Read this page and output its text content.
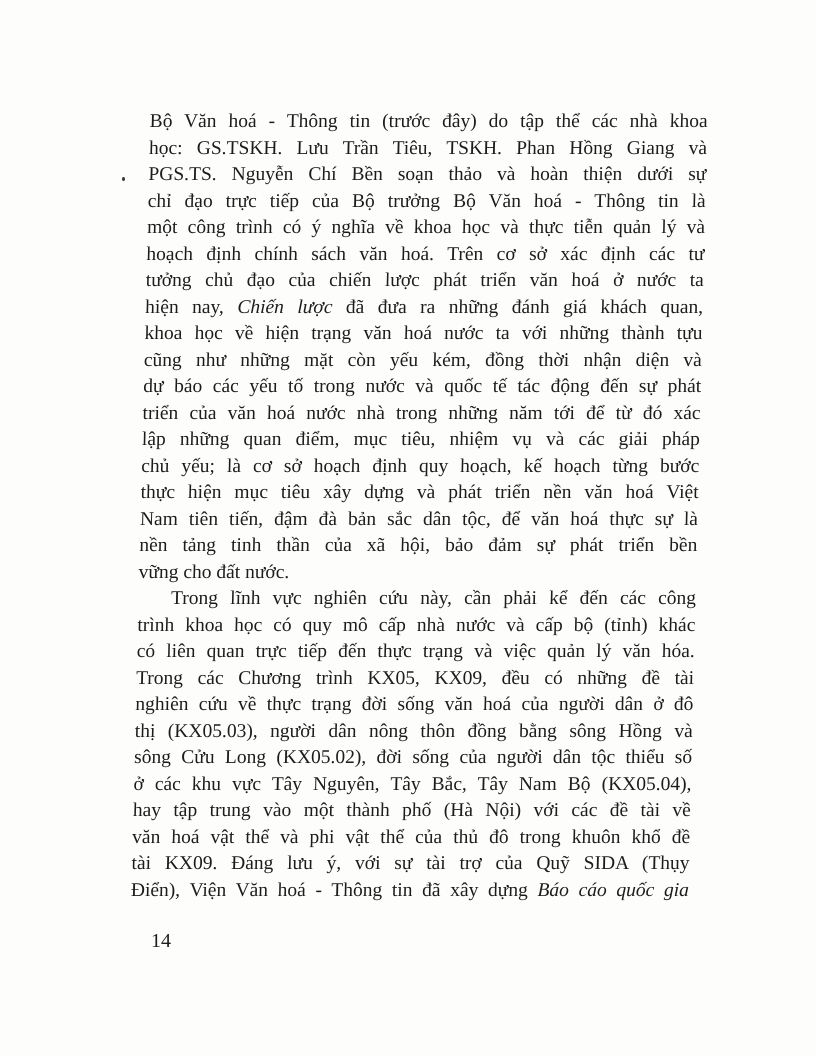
Bộ Văn hoá - Thông tin (trước đây) do tập thể các nhà khoa
học: GS.TSKH. Lưu Trần Tiêu, TSKH. Phan Hồng Giang và
PGS.TS. Nguyễn Chí Bền soạn thảo và hoàn thiện dưới sự
chỉ đạo trực tiếp của Bộ trưởng Bộ Văn hoá - Thông tin là
một công trình có ý nghĩa về khoa học và thực tiễn quản lý và
hoạch định chính sách văn hoá. Trên cơ sở xác định các tư
tưởng chủ đạo của chiến lược phát triển văn hoá ở nước ta
hiện nay, Chiến lược đã đưa ra những đánh giá khách quan,
khoa học về hiện trạng văn hoá nước ta với những thành tựu
cũng như những mặt còn yếu kém, đồng thời nhận diện và
dự báo các yếu tố trong nước và quốc tế tác động đến sự phát
triển của văn hoá nước nhà trong những năm tới để từ đó xác
lập những quan điểm, mục tiêu, nhiệm vụ và các giải pháp
chủ yếu; là cơ sở hoạch định quy hoạch, kế hoạch từng bước
thực hiện mục tiêu xây dựng và phát triển nền văn hoá Việt
Nam tiên tiến, đậm đà bản sắc dân tộc, để văn hoá thực sự là
nền tảng tinh thần của xã hội, bảo đảm sự phát triển bền
vững cho đất nước.
Trong lĩnh vực nghiên cứu này, cần phải kể đến các công
trình khoa học có quy mô cấp nhà nước và cấp bộ (tỉnh) khác
có liên quan trực tiếp đến thực trạng và việc quản lý văn hóa.
Trong các Chương trình KX05, KX09, đều có những đề tài
nghiên cứu về thực trạng đời sống văn hoá của người dân ở đô
thị (KX05.03), người dân nông thôn đồng bằng sông Hồng và
sông Cửu Long (KX05.02), đời sống của người dân tộc thiểu số
ở các khu vực Tây Nguyên, Tây Bắc, Tây Nam Bộ (KX05.04),
hay tập trung vào một thành phố (Hà Nội) với các đề tài về
văn hoá vật thể và phi vật thể của thủ đô trong khuôn khổ đề
tài KX09. Đáng lưu ý, với sự tài trợ của Quỹ SIDA (Thụy
Điển), Viện Văn hoá - Thông tin đã xây dựng Báo cáo quốc gia
14
